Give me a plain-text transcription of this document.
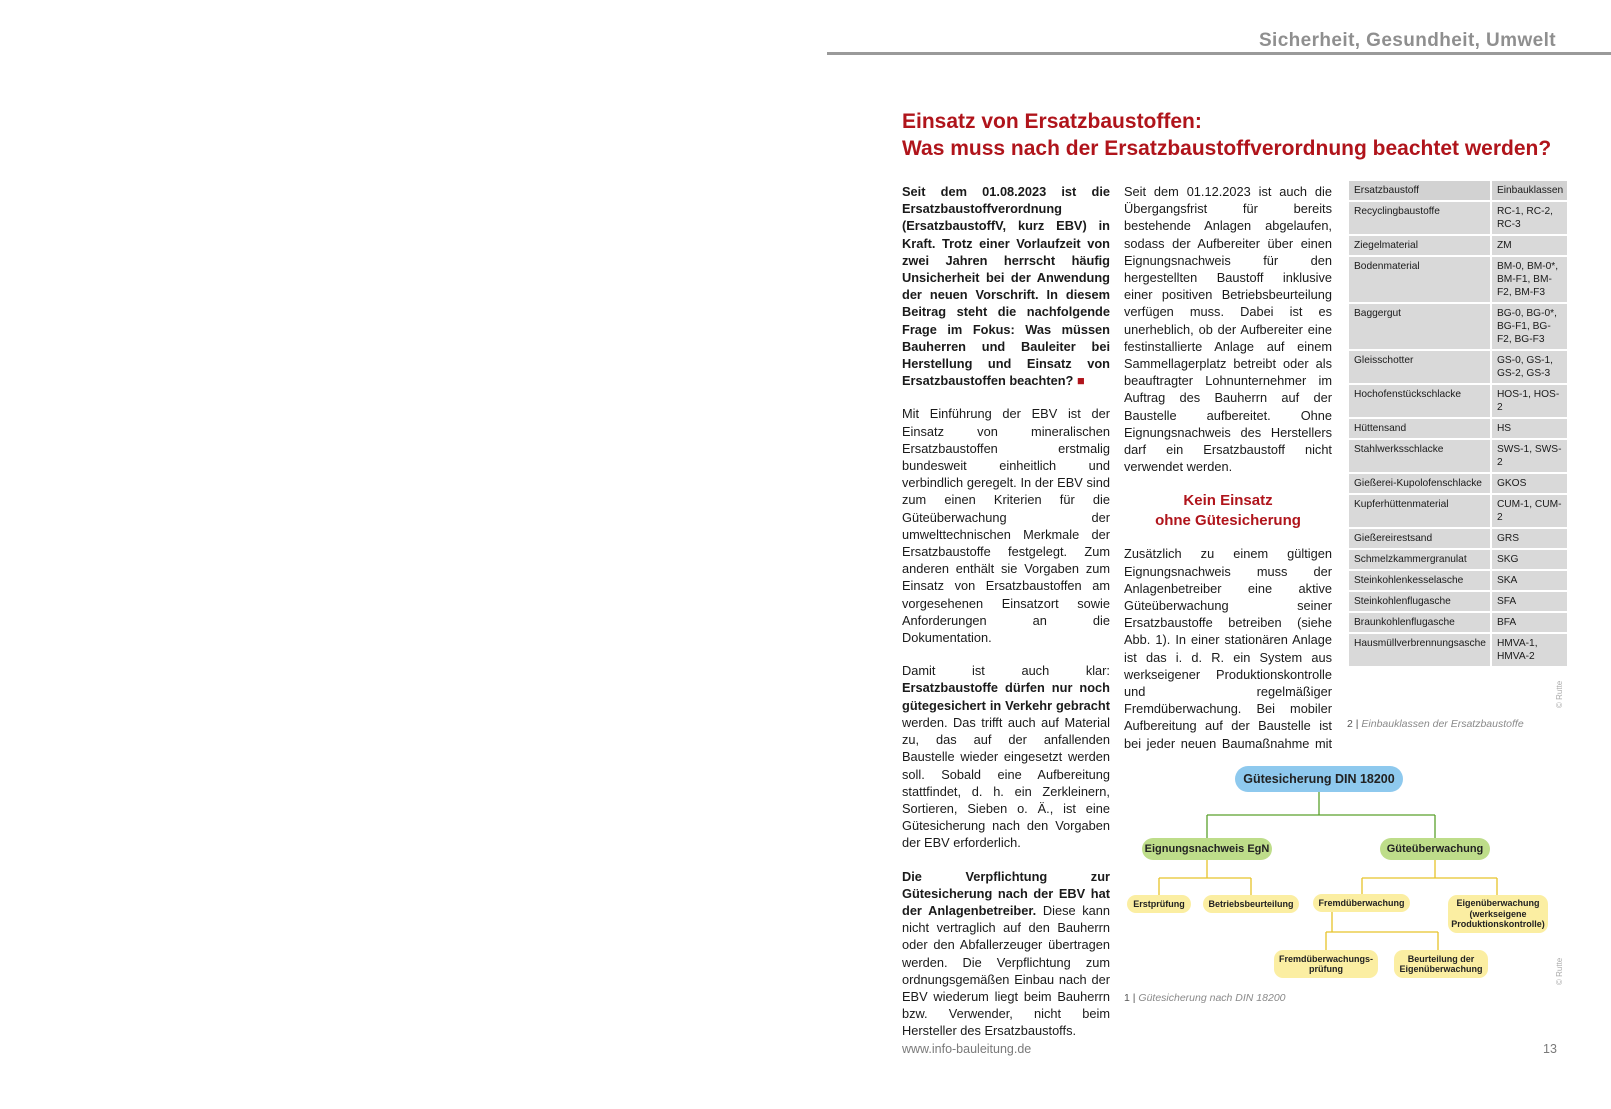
Sicherheit, Gesundheit, Umwelt
Einsatz von Ersatzbaustoffen:
Was muss nach der Ersatzbaustoffverordnung beachtet werden?

Seit dem 01.08.2023 ist die Ersatzbaustoffverordnung (ErsatzbaustoffV, kurz EBV) in Kraft. Trotz einer Vorlaufzeit von zwei Jahren herrscht häufig Unsicherheit bei der Anwendung der neuen Vorschrift. In diesem Beitrag steht die nachfolgende Frage im Fokus: Was müssen Bauherren und Bauleiter bei Herstellung und Einsatz von Ersatzbaustoffen beachten? ■

Mit Einführung der EBV ist der Einsatz von mineralischen Ersatzbaustoffen erstmalig bundesweit einheitlich und verbindlich geregelt. In der EBV sind zum einen Kriterien für die Güteüberwachung der umwelttechnischen Merkmale der Ersatzbaustoffe festgelegt. Zum anderen enthält sie Vorgaben zum Einsatz von Ersatzbaustoffen am vorgesehenen Einsatzort sowie Anforderungen an die Dokumentation.

Damit ist auch klar: Ersatzbaustoffe dürfen nur noch gütegesichert in Verkehr gebracht werden. Das trifft auch auf Material zu, das auf der anfallenden Baustelle wieder eingesetzt werden soll. Sobald eine Aufbereitung stattfindet, d. h. ein Zerkleinern, Sortieren, Sieben o. Ä., ist eine Gütesicherung nach den Vorgaben der EBV erforderlich.

Die Verpflichtung zur Gütesicherung nach der EBV hat der Anlagenbetreiber. Diese kann nicht vertraglich auf den Bauherrn oder den Abfallerzeuger übertragen werden. Die Verpflichtung zum ordnungsgemäßen Einbau nach der EBV wiederum liegt beim Bauherrn bzw. Verwender, nicht beim Hersteller des Ersatzbaustoffs.

Seit dem 01.12.2023 ist auch die Übergangsfrist für bereits bestehende Anlagen abgelaufen, sodass der Aufbereiter über einen Eignungsnachweis für den hergestellten Baustoff inklusive einer positiven Betriebsbeurteilung verfügen muss. Dabei ist es unerheblich, ob der Aufbereiter eine festinstallierte Anlage auf einem Sammellagerplatz betreibt oder als beauftragter Lohnunternehmer im Auftrag des Bauherrn auf der Baustelle aufbereitet. Ohne Eignungsnachweis des Herstellers darf ein Ersatzbaustoff nicht verwendet werden.

Kein Einsatz
ohne Gütesicherung

Zusätzlich zu einem gültigen Eignungsnachweis muss der Anlagenbetreiber eine aktive Güteüberwachung seiner Ersatzbaustoffe betreiben (siehe Abb. 1). In einer stationären Anlage ist das i. d. R. ein System aus werkseigener Produktionskontrolle und regelmäßiger Fremdüberwachung. Bei mobiler Aufbereitung auf der Baustelle ist bei jeder neuen Baumaßnahme mit

Ersatzbaustoff	Einbauklassen
Recyclingbaustoffe	RC-1, RC-2, RC-3
Ziegelmaterial	ZM
Bodenmaterial	BM-0, BM-0*, BM-F1, BM-F2, BM-F3
Baggergut	BG-0, BG-0*, BG-F1, BG-F2, BG-F3
Gleisschotter	GS-0, GS-1, GS-2, GS-3
Hochofenstückschlacke	HOS-1, HOS-2
Hüttensand	HS
Stahlwerksschlacke	SWS-1, SWS-2
Gießerei-Kupolofenschlacke	GKOS
Kupferhüttenmaterial	CUM-1, CUM-2
Gießereirestsand	GRS
Schmelzkammergranulat	SKG
Steinkohlenkesselasche	SKA
Steinkohlenflugasche	SFA
Braunkohlenflugasche	BFA
Hausmüllverbrennungsasche	HMVA-1, HMVA-2
2 | Einbauklassen der Ersatzbaustoffe
© Rutte
Gütesicherung DIN 18200
Eignungsnachweis EgN	Güteüberwachung
Erstprüfung	Betriebsbeurteilung	Fremdüberwachung	Eigenüberwachung
(werkseigene
Produktionskontrolle)
Fremdüberwachungs-
prüfung
Beurteilung der
Eigenüberwachung
1 | Gütesicherung nach DIN 18200
© Rutte
www.info-bauleitung.de	13
